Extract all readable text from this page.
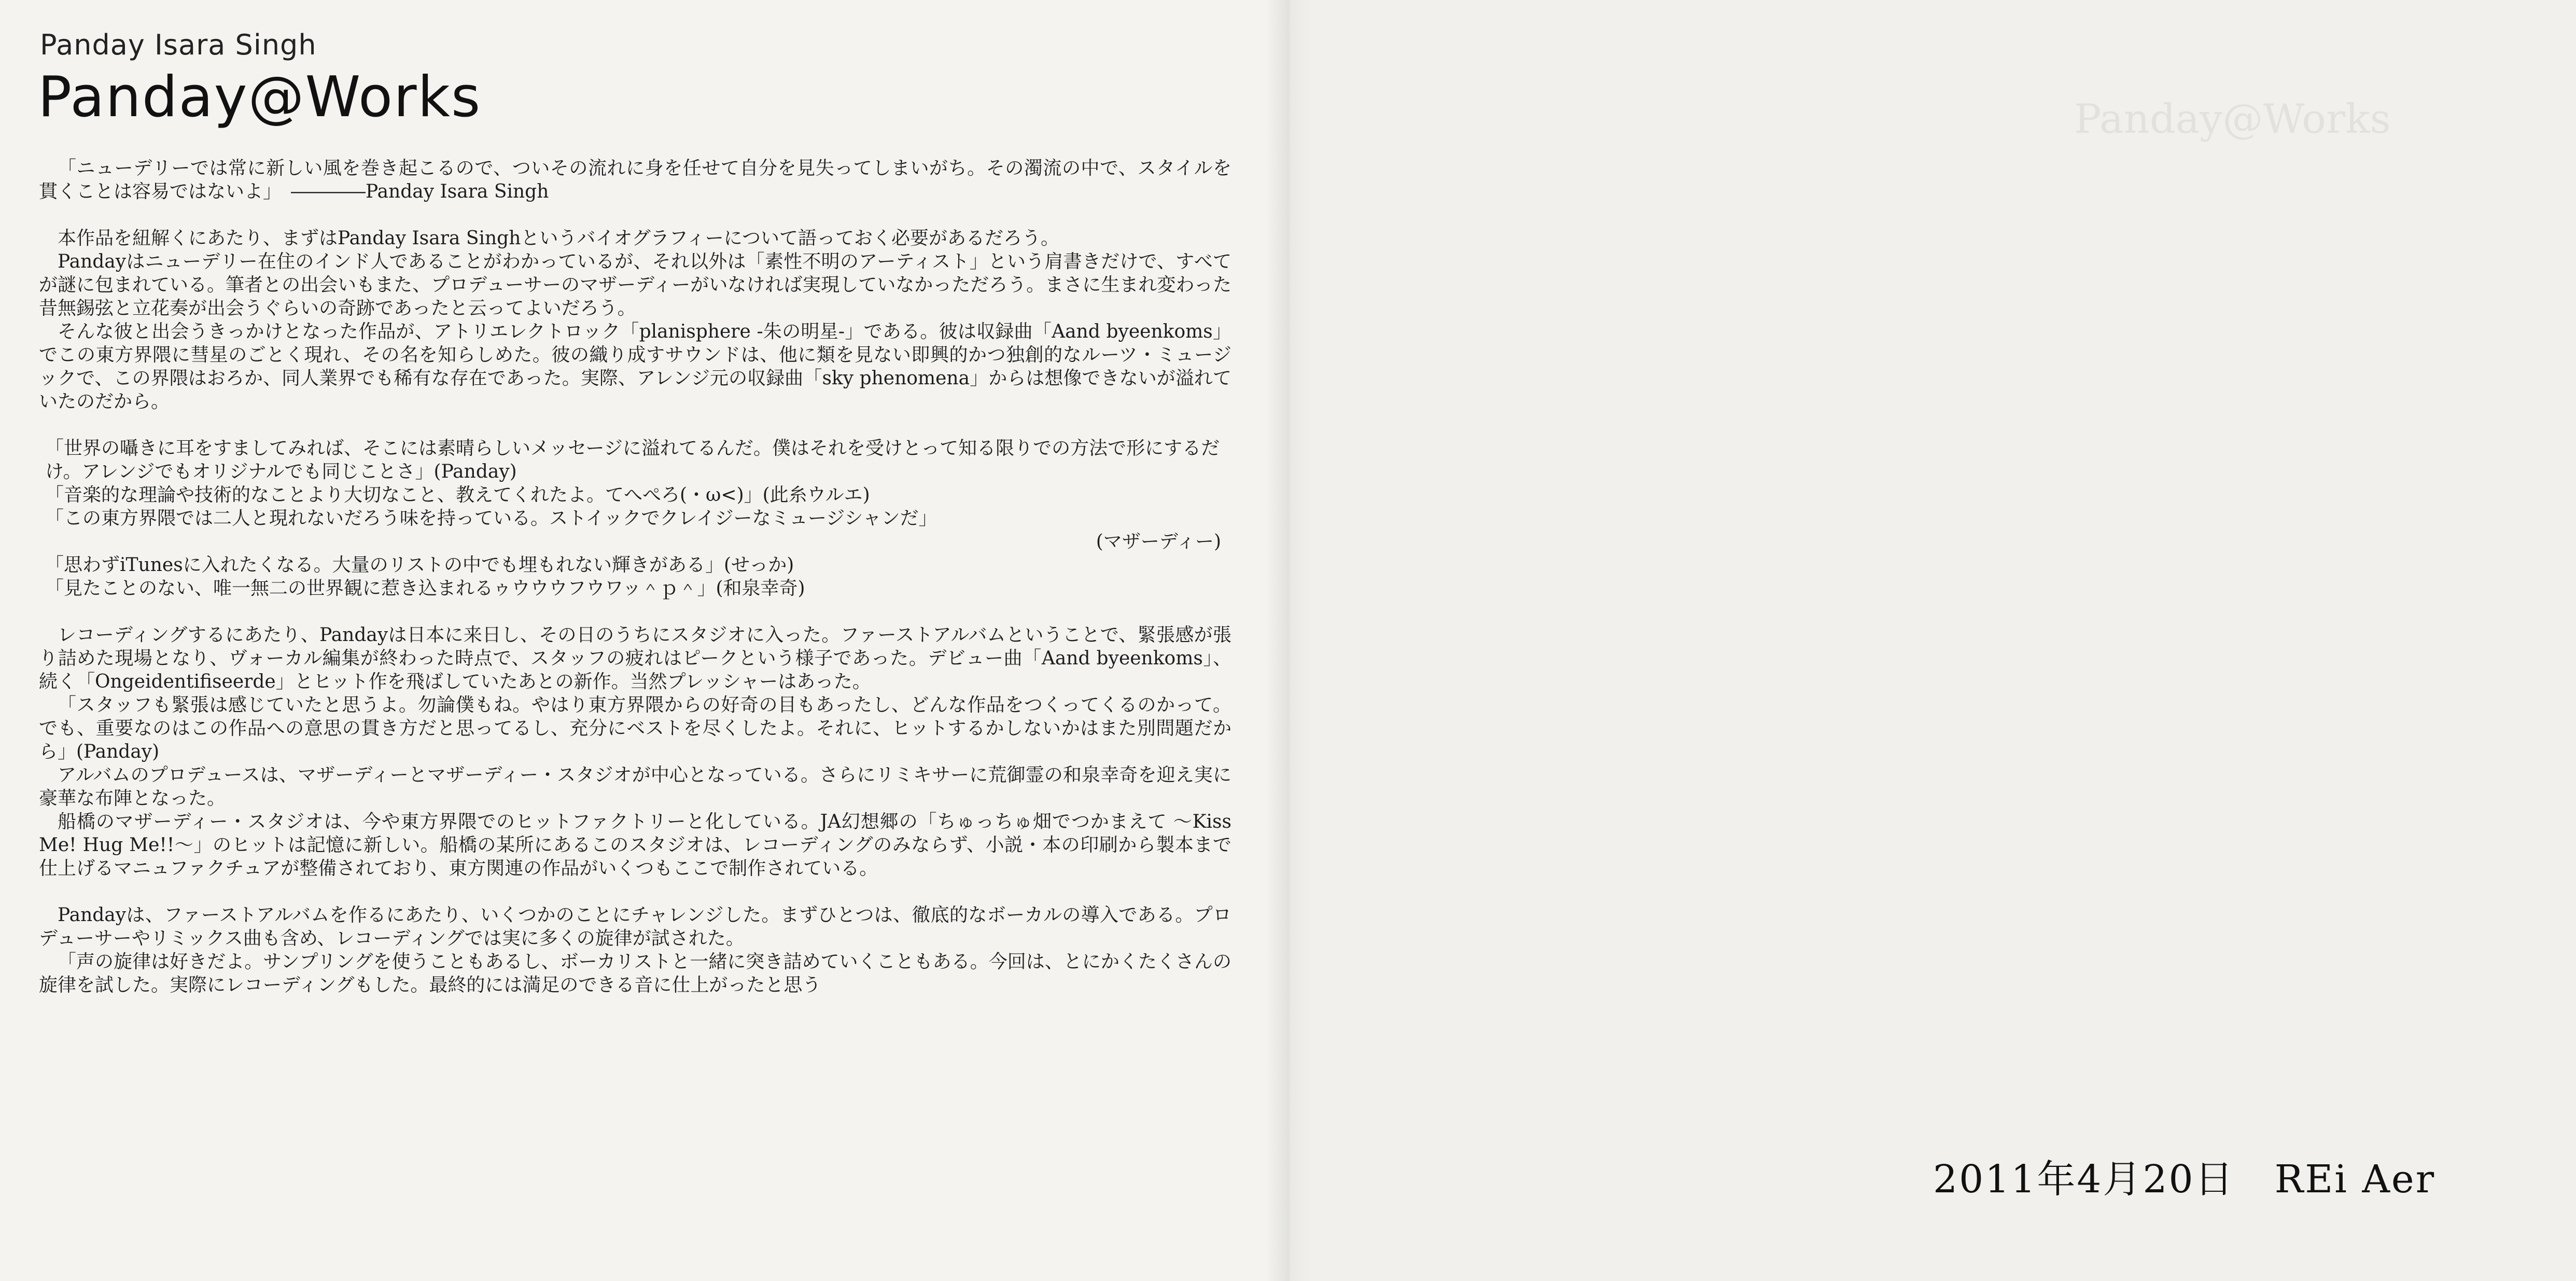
Panday Isara Singh
Panday@Works

「ニューデリーでは常に新しい風を巻き起こるので、ついその流れに身を任せて自分を見失ってしまいがち。その濁流の中で、スタイルを貫くことは容易ではないよ」　――――Panday Isara Singh

本作品を紐解くにあたり、まずはPanday Isara Singhというバイオグラフィーについて語っておく必要があるだろう。

Pandayはニューデリー在住のインド人であることがわかっているが、それ以外は「素性不明のアーティスト」という肩書きだけで、すべてが謎に包まれている。筆者との出会いもまた、プロデューサーのマザーディーがいなければ実現していなかっただろう。まさに生まれ変わった昔無錫弦と立花奏が出会うぐらいの奇跡であったと云ってよいだろう。

そんな彼と出会うきっかけとなった作品が、アトリエレクトロック「planisphere -朱の明星-」である。彼は収録曲「Aand byeenkoms」でこの東方界隈に彗星のごとく現れ、その名を知らしめた。彼の織り成すサウンドは、他に類を見ない即興的かつ独創的なルーツ・ミュージックで、この界隈はおろか、同人業界でも稀有な存在であった。実際、アレンジ元の収録曲「sky phenomena」からは想像できないが溢れていたのだから。

「世界の囁きに耳をすましてみれば、そこには素晴らしいメッセージに溢れてるんだ。僕はそれを受けとって知る限りでの方法で形にするだけ。アレンジでもオリジナルでも同じことさ」(Panday)

「音楽的な理論や技術的なことより大切なこと、教えてくれたよ。てへぺろ(・ω<)」(此糸ウルエ)

「この東方界隈では二人と現れないだろう味を持っている。ストイックでクレイジーなミュージシャンだ」

(マザーディー)

「思わずiTunesに入れたくなる。大量のリストの中でも埋もれない輝きがある」(せっか)

「見たことのない、唯一無二の世界観に惹き込まれるゥウウウフウワッ＾ｐ＾」(和泉幸奇)

レコーディングするにあたり、Pandayは日本に来日し、その日のうちにスタジオに入った。ファーストアルバムということで、緊張感が張り詰めた現場となり、ヴォーカル編集が終わった時点で、スタッフの疲れはピークという様子であった。デビュー曲「Aand byeenkoms」、続く「Ongeidentifiseerde」とヒット作を飛ばしていたあとの新作。当然プレッシャーはあった。

「スタッフも緊張は感じていたと思うよ。勿論僕もね。やはり東方界隈からの好奇の目もあったし、どんな作品をつくってくるのかって。でも、重要なのはこの作品への意思の貫き方だと思ってるし、充分にベストを尽くしたよ。それに、ヒットするかしないかはまた別問題だから」(Panday)

アルバムのプロデュースは、マザーディーとマザーディー・スタジオが中心となっている。さらにリミキサーに荒御霊の和泉幸奇を迎え実に豪華な布陣となった。

船橋のマザーディー・スタジオは、今や東方界隈でのヒットファクトリーと化している。JA幻想郷の「ちゅっちゅ畑でつかまえて ～Kiss Me! Hug Me!!～」のヒットは記憶に新しい。船橋の某所にあるこのスタジオは、レコーディングのみならず、小説・本の印刷から製本まで仕上げるマニュファクチュアが整備されており、東方関連の作品がいくつもここで制作されている。

Pandayは、ファーストアルバムを作るにあたり、いくつかのことにチャレンジした。まずひとつは、徹底的なボーカルの導入である。プロデューサーやリミックス曲も含め、レコーディングでは実に多くの旋律が試された。

「声の旋律は好きだよ。サンプリングを使うこともあるし、ボーカリストと一緒に突き詰めていくこともある。今回は、とにかくたくさんの旋律を試した。実際にレコーディングもした。最終的には満足のできる音に仕上がったと思う

Panday@Works
2011年4月20日　REi Aer
